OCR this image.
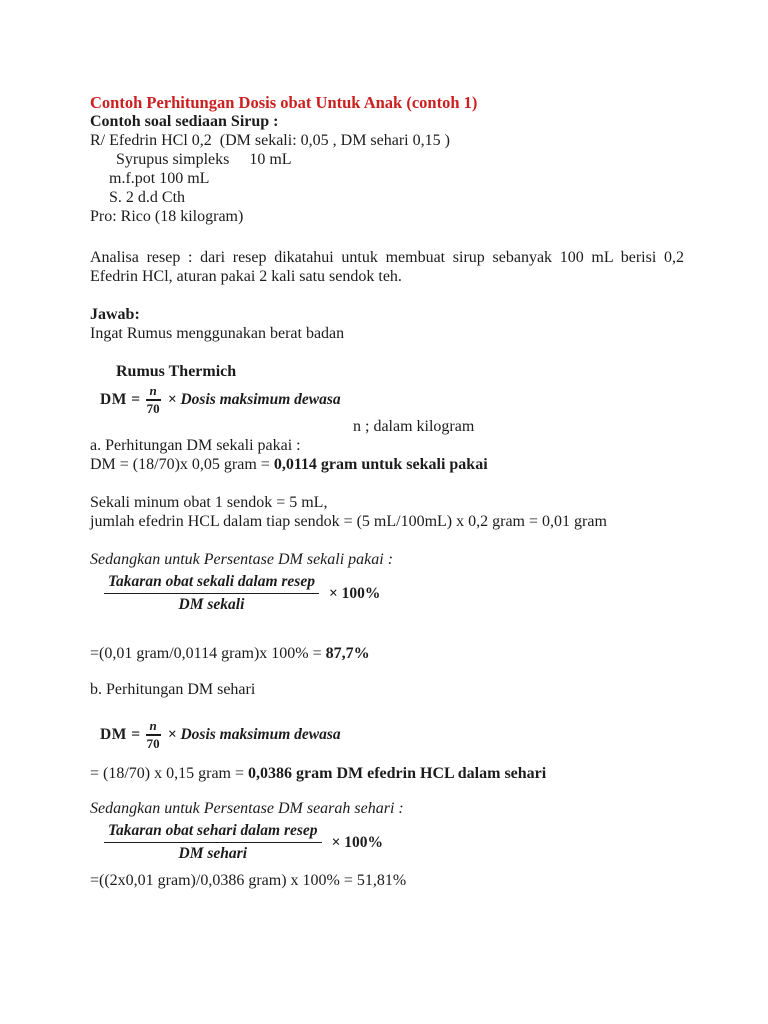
Contoh Perhitungan Dosis obat Untuk Anak (contoh 1)
Contoh soal sediaan Sirup :
R/ Efedrin HCl 0,2  (DM sekali: 0,05 , DM sehari 0,15 )
Syrupus simpleks     10 mL
m.f.pot 100 mL
S. 2 d.d Cth
Pro: Rico (18 kilogram)
Analisa resep : dari resep dikatahui untuk membuat sirup sebanyak 100 mL berisi 0,2 Efedrin HCl, aturan pakai 2 kali satu sendok teh.
Jawab:
Ingat Rumus menggunakan berat badan
Rumus Thermich
DM = $\frac{n}{70}$ × Dosis maksimum dewasa
n ; dalam kilogram
a. Perhitungan DM sekali pakai :
DM = (18/70)x 0,05 gram = 0,0114 gram untuk sekali pakai
Sekali minum obat 1 sendok = 5 mL,
jumlah efedrin HCL dalam tiap sendok = (5 mL/100mL) x 0,2 gram = 0,01 gram
Sedangkan untuk Persentase DM sekali pakai :
$\frac{\text{Takaran obat sekali dalam resep}}{\text{DM sekali}} \times 100\%$
=(0,01 gram/0,0114 gram)x 100% = 87,7%
b. Perhitungan DM sehari
DM = $\frac{n}{70}$ × Dosis maksimum dewasa
= (18/70) x 0,15 gram = 0,0386 gram DM efedrin HCL dalam sehari
Sedangkan untuk Persentase DM searah sehari :
$\frac{\text{Takaran obat sehari dalam resep}}{\text{DM sehari}} \times 100\%$
=((2x0,01 gram)/0,0386 gram) x 100% = 51,81%
